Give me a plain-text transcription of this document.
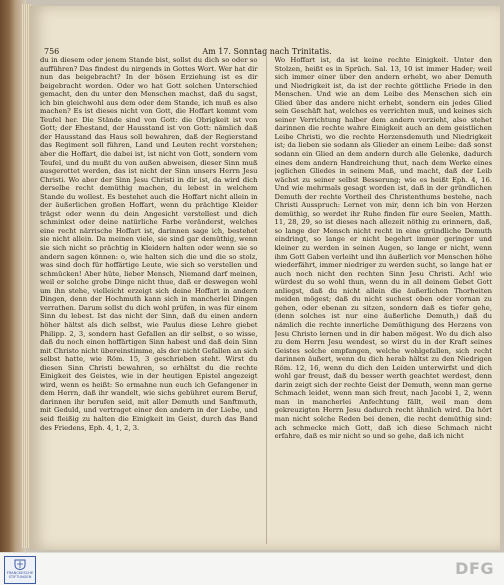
756	Am 17. Sonntag nach Trinitatis.
du in diesem oder jenem Stande bist, sollst du dich so oder so aufführen? Das findest du nirgends in Gottes Wort. Wer hat dir nun das beigebracht? In der bösen Erziehung ist es dir beigebracht worden. Oder wo hat Gott solchen Unterschied gemacht, den du unter den Menschen machst, daß du sagst, ich bin gleichwohl aus dem oder dem Stande, ich muß es also machen? Es ist dieses nicht von Gott, die Hoffart kommt vom Teufel her. Die Stände sind von Gott: die Obrigkeit ist von Gott; der Ehestand, der Hausstand ist von Gott: nämlich daß der Hausstand das Haus soll bewahren, daß der Regierstand das Regiment soll führen, Land und Leuten recht vorstehen; aber die Hoffart, die dabei ist, ist nicht von Gott, sondern vom Teufel, und du mußt du von außen abweisen, dieser Sinn muß ausgerottet werden, das ist nicht der Sinn unsers Herrn Jesu Christi. Wo aber der Sinn Jesu Christi in dir ist, da wird dich derselbe recht demüthig machen, du lebest in welchem Stande du wollest. Es bestehet auch die Hoffart nicht allein in der äußerlichen großen Hoffart, wenn du prächtige Kleider trägst oder wenn du dein Angesicht verstellest und dich schminkst oder deine natürliche Farbe veränderst, welches eine recht närrische Hoffart ist, darinnen sage ich, bestehet sie nicht allein. Da meinen viele, sie sind gar demüthig, wenn sie sich nicht so prächtig in Kleidern halten oder wenn sie so andern sagen können: o, wie halten sich die und die so stolz, was sind doch für hoffärtige Leute, wie sich so verstellen und schmücken! Aber hüte, lieber Mensch, Niemand darf meinen, weil er solche grobe Dinge nicht thue, daß er deswegen wohl um ihn stehe, vielleicht erzeigt sich deine Hoffart in andern Dingen, denn der Hochmuth kann sich in mancherlei Dingen verrathen. Darum sollst du dich wohl prüfen, in was für einem Sinn du lebest. Ist das nicht der Sinn, daß du einen andern höher hältst als dich selbst, wie Paulus diese Lehre giebet Philipp. 2, 3, sondern hast Gefallen an dir selbst, o so wisse, daß du noch einen hoffärtigen Sinn habest und daß dein Sinn mit Christo nicht übereinstimme, als der nicht Gefallen an sich selbst hatte, wie Röm. 15, 3 geschrieben steht. Wirst du diesen Sinn Christi bewahren, so erhältst du die rechte Einigkeit des Geistes, wie in der heutigen Epistel angezeigt wird, wenn es heißt: So ermahne nun euch ich Gefangener in dem Herrn, daß ihr wandelt, wie sichs gebühret eurem Beruf, darinnen ihr berufen seid, mit aller Demuth und Sanftmuth, mit Geduld, und vertraget einer den andern in der Liebe, und seid fleißig zu halten die Einigkeit im Geist, durch das Band des Friedens, Eph. 4, 1, 2, 3.
Wo Hoffart ist, da ist keine rechte Einigkeit. Unter den Stolzen, heißt es in Sprüch. Sal. 13, 10 ist immer Hader; weil sich immer einer über den andern erhebt, wo aber Demuth und Niedrigkeit ist, da ist der rechte göttliche Friede in den Menschen. Und wie an dem Leibe des Menschen sich ein Glied über das andere nicht erhebt, sondern ein jedes Glied sein Geschäft hat, welches es verrichten muß, und keines sich seiner Verrichtung halber dem andern vorzieht, also stehet darinnen die rechte wahre Einigkeit auch an dem geistlichen Leibe Christi, wo die rechte Herzensdemuth und Niedrigkeit ist; da lieben sie sodann als Glieder an einem Leibe: daß sonst sodann ein Glied an dem andern durch alle Gelenke, dadurch eines dem andern Handreichung thut, nach dem Werke eines jeglichen Gliedes in seinem Maß, und macht, daß der Leib wächst zu seiner selbst Besserung; wie es heißt Eph. 4, 16. Und wie mehrmals gesagt worden ist, daß in der gründlichen Demuth der rechte Vortheil des Christenthums bestehe, nach Christi Ausspruch: Lernet von mir, denn ich bin von Herzen demüthig, so werdet ihr Ruhe finden für eure Seelen, Matth. 11, 28, 29, so ist dieses nach allezeit nöthig zu erinnern, daß, so lange der Mensch nicht recht in eine gründliche Demuth eindringt, so lange er nicht begehrt immer geringer und kleiner zu werden in seinen Augen, so lange er nicht, wenn ihm Gott Gaben verleiht und ihn äußerlich vor Menschen höhe wiederfährt, immer niedriger zu werden sucht, so lange hat er auch noch nicht den rechten Sinn Jesu Christi. Ach! wie würdest du so wohl thun, wenn du in all deinem Gebet Gott anliegst, daß du nicht allein die äußerlichen Thorheiten meiden mögest; daß du nicht suchest oben oder vornan zu gehen, oder ebenan zu sitzen, sondern daß es tiefer gehe, (denn solches ist nur eine äußerliche Demuth,) daß du nämlich die rechte innerliche Demüthigung des Herzens von Jesu Christo lernen und in dir haben mögest. Wo du dich also zu dem Herrn Jesu wendest, so wirst du in der Kraft seines Geistes solche empfangen, welche wohlgefallen, sich recht darinnen äußert, wenn du dich herab hältst zu den Niedrigen Röm. 12, 16, wenn du dich den Leiden unterwirfst und dich wohl gar freust, daß du besser werth geachtet werdest, denn darin zeigt sich der rechte Geist der Demuth, wenn man gerne Schmach leidet, wenn man sich freut, nach Jacobi 1, 2, wenn man in mancherlei Anfechtung fällt, weil man dem gekreuzigten Herrn Jesu dadurch recht ähnlich wird. Da hört man nicht solche Reden bei denen, die recht demüthig sind: ach schmecke mich Gott, daß ich diese Schmach nicht erfahre, daß es mir nicht so und so gehe, daß ich nicht
FRANCKESCHE
STIFTUNGEN	DFG
